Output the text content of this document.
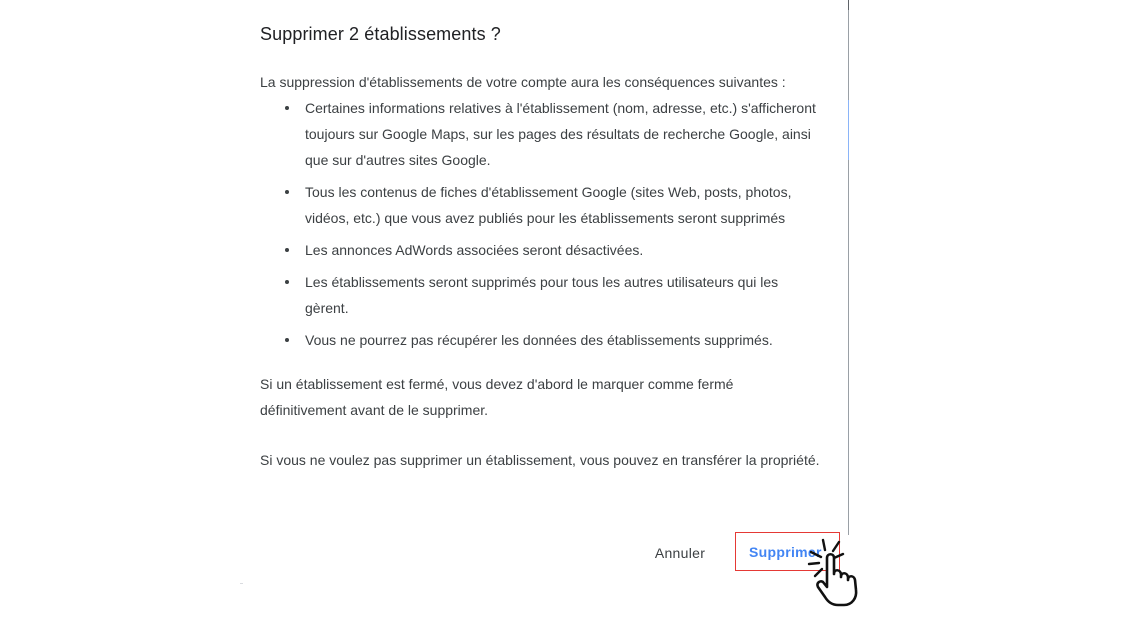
Supprimer 2 établissements ?

La suppression d'établissements de votre compte aura les conséquences suivantes :

Certaines informations relatives à l'établissement (nom, adresse, etc.) s'afficheront toujours sur Google Maps, sur les pages des résultats de recherche Google, ainsi que sur d'autres sites Google.
Tous les contenus de fiches d'établissement Google (sites Web, posts, photos, vidéos, etc.) que vous avez publiés pour les établissements seront supprimés
Les annonces AdWords associées seront désactivées.
Les établissements seront supprimés pour tous les autres utilisateurs qui les gèrent.
Vous ne pourrez pas récupérer les données des établissements supprimés.

Si un établissement est fermé, vous devez d'abord le marquer comme fermé définitivement avant de le supprimer.

Si vous ne voulez pas supprimer un établissement, vous pouvez en transférer la propriété.

Annuler	Supprimer
